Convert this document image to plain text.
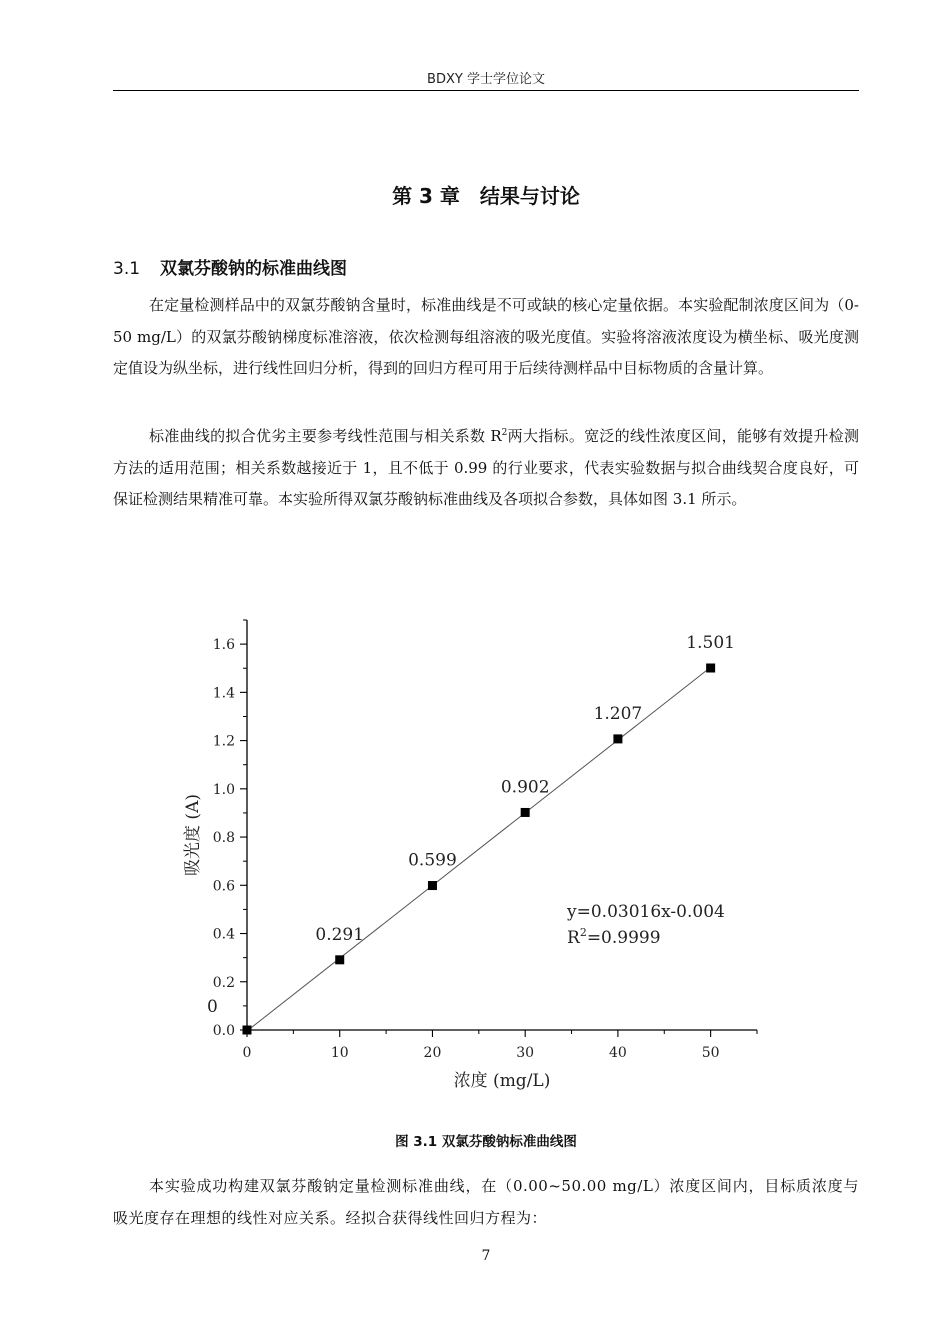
BDXY 学士学位论文
第 3 章　结果与讨论
3.1 双氯芬酸钠的标准曲线图
在定量检测样品中的双氯芬酸钠含量时，标准曲线是不可或缺的核心定量依据。本实验配制浓度区间为（0-50 mg/L）的双氯芬酸钠梯度标准溶液，依次检测每组溶液的吸光度值。实验将溶液浓度设为横坐标、吸光度测定值设为纵坐标，进行线性回归分析，得到的回归方程可用于后续待测样品中目标物质的含量计算。
标准曲线的拟合优劣主要参考线性范围与相关系数 $R^2$两大指标。宽泛的线性浓度区间，能够有效提升检测方法的适用范围；相关系数越接近于 1，且不低于 0.99 的行业要求，代表实验数据与拟合曲线契合度良好，可保证检测结果精准可靠。本实验所得双氯芬酸钠标准曲线及各项拟合参数，具体如图 3.1 所示。
0	10	20	30	40	50
0.0
0.2
0.4
0.6
0.8
1.0
1.2
1.4
1.6
浓度 (mg/L)
吸光度 (A)
0
0.291
0.599
0.902
1.207
1.501
y=0.03016x-0.004
$R^2=0.9999$
图 3.1 双氯芬酸钠标准曲线图
本实验成功构建双氯芬酸钠定量检测标准曲线，在（0.00~50.00 mg/L）浓度区间内，目标质浓度与吸光度存在理想的线性对应关系。经拟合获得线性回归方程为：
7
